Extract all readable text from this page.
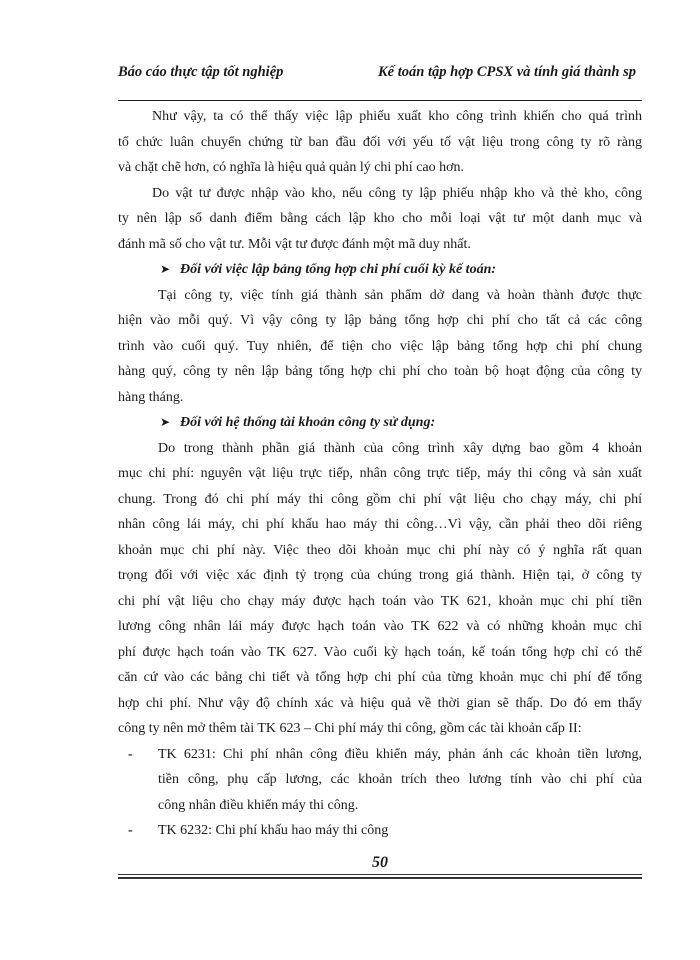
Báo cáo thực tập tốt nghiệp	Kế toán tập hợp CPSX và tính giá thành sp
Như vậy, ta có thể thấy việc lập phiếu xuất kho công trình khiến cho quá trình
tổ chức luân chuyển chứng từ ban đầu đối với yếu tố vật liệu trong công ty rõ ràng
và chặt chẽ hơn, có nghĩa là hiệu quả quản lý chi phí cao hơn.
Do vật tư được nhập vào kho, nếu công ty lập phiếu nhập kho và thẻ kho, công
ty nên lập sổ danh điểm bằng cách lập kho cho mỗi loại vật tư một danh mục và
đánh mã số cho vật tư. Mỗi vật tư được đánh một mã duy nhất.
➤ Đối với việc lập bảng tổng hợp chi phí cuối kỳ kế toán:
Tại công ty, việc tính giá thành sản phẩm dở dang và hoàn thành được thực
hiện vào mỗi quý. Vì vậy công ty lập bảng tổng hợp chi phí cho tất cả các công
trình vào cuối quý. Tuy nhiên, để tiện cho việc lập bảng tổng hợp chi phí chung
hàng quý, công ty nên lập bảng tổng hợp chi phí cho toàn bộ hoạt động của công ty
hàng tháng.
➤ Đối với hệ thống tài khoản công ty sử dụng:
Do trong thành phần giá thành của công trình xây dựng bao gồm 4 khoản
mục chi phí: nguyên vật liệu trực tiếp, nhân công trực tiếp, máy thi công và sản xuất
chung. Trong đó chi phí máy thi công gồm chi phí vật liệu cho chạy máy, chi phí
nhân công lái máy, chi phí khấu hao máy thi công…Vì vậy, cần phải theo dõi riêng
khoản mục chi phí này. Việc theo dõi khoản mục chi phí này có ý nghĩa rất quan
trọng đối với việc xác định tỷ trọng của chúng trong giá thành. Hiện tại, ở công ty
chi phí vật liệu cho chạy máy được hạch toán vào TK 621, khoản mục chi phí tiền
lương công nhân lái máy được hạch toán vào TK 622 và có những khoản mục chi
phí được hạch toán vào TK 627. Vào cuối kỳ hạch toán, kế toán tổng hợp chỉ có thể
căn cứ vào các bảng chi tiết và tổng hợp chi phí của từng khoản mục chi phí để tổng
hợp chi phí. Như vậy độ chính xác và hiệu quả về thời gian sẽ thấp. Do đó em thấy
công ty nên mở thêm tài TK 623 – Chi phí máy thi công, gồm các tài khoản cấp II:
- TK 6231: Chi phí nhân công điều khiển máy, phản ánh các khoản tiền lương,
tiền công, phụ cấp lương, các khoản trích theo lương tính vào chi phí của
công nhân điều khiển máy thi công.
- TK 6232: Chi phí khấu hao máy thi công
50
